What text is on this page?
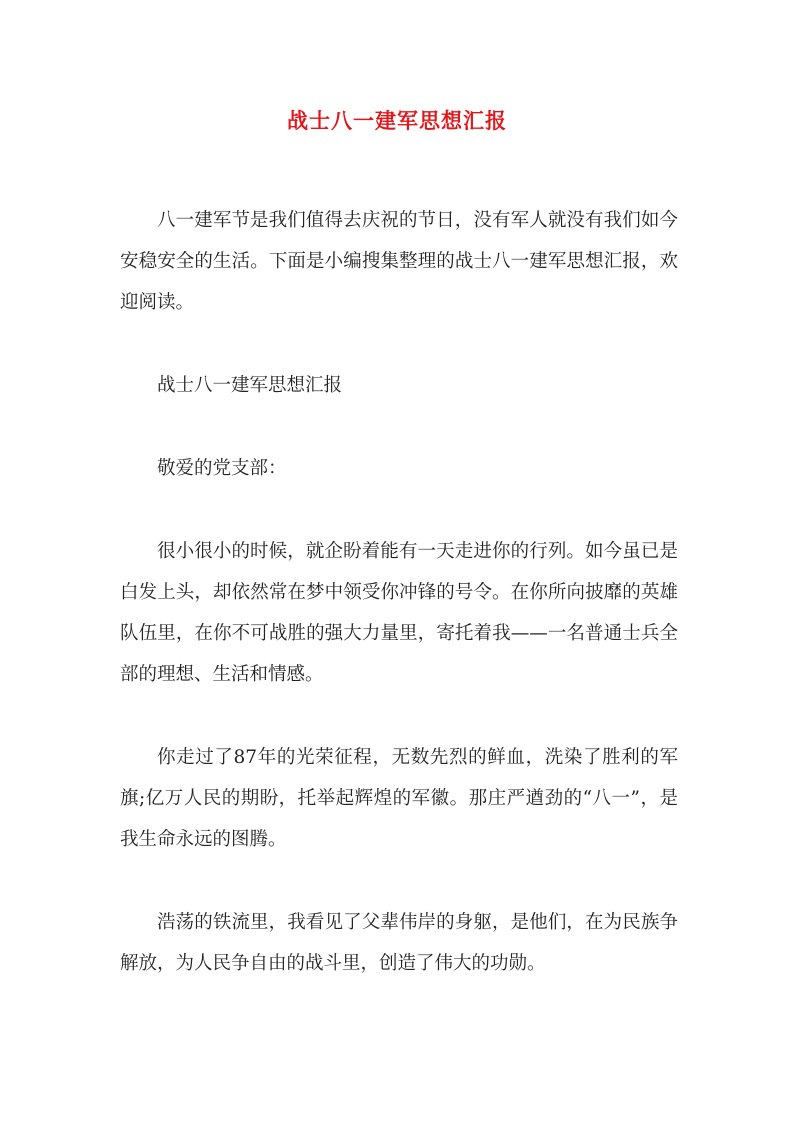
战士八一建军思想汇报

八一建军节是我们值得去庆祝的节日，没有军人就没有我们如今安稳安全的生活。下面是小编搜集整理的战士八一建军思想汇报，欢迎阅读。

战士八一建军思想汇报

敬爱的党支部：

很小很小的时候，就企盼着能有一天走进你的行列。如今虽已是白发上头，却依然常在梦中领受你冲锋的号令。在你所向披靡的英雄队伍里，在你不可战胜的强大力量里，寄托着我——一名普通士兵全部的理想、生活和情感。

你走过了87年的光荣征程，无数先烈的鲜血，洗染了胜利的军旗;亿万人民的期盼，托举起辉煌的军徽。那庄严遒劲的“八一”，是我生命永远的图腾。

浩荡的铁流里，我看见了父辈伟岸的身躯，是他们，在为民族争解放，为人民争自由的战斗里，创造了伟大的功勋。
